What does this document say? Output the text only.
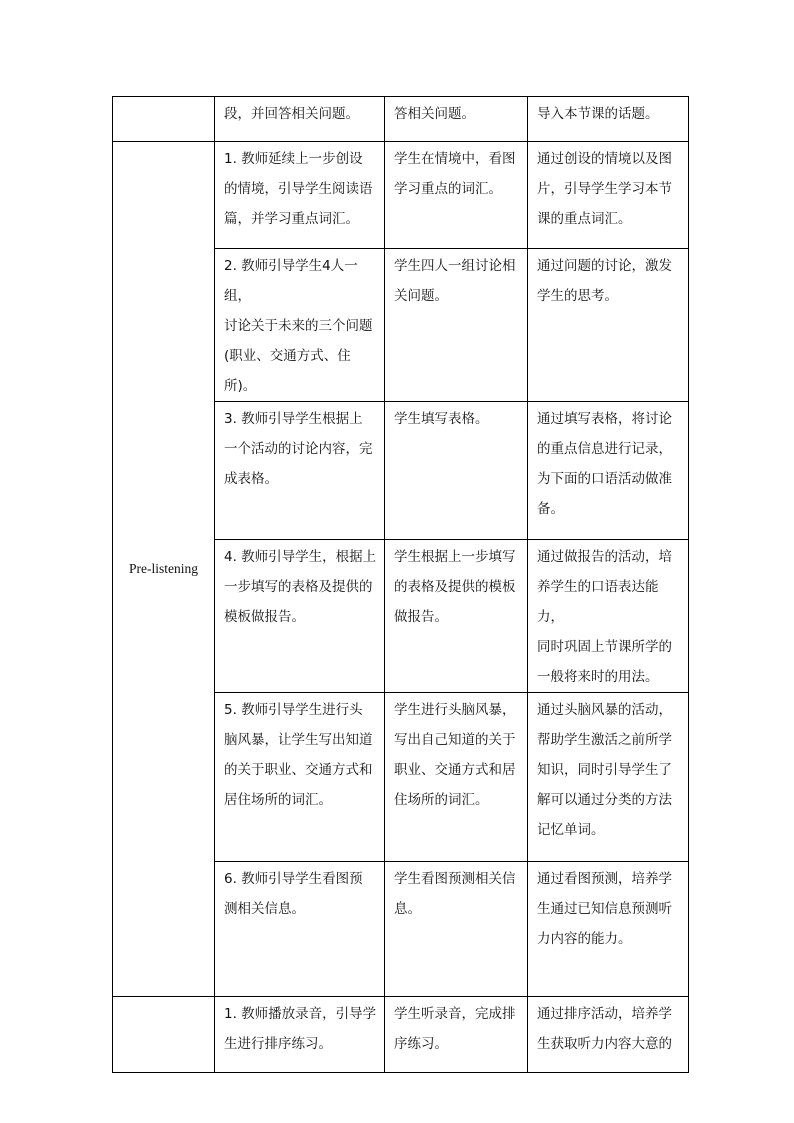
	段，并回答相关问题。	答相关问题。	导入本节课的话题。

Pre-listening	1. 教师延续上一步创设
的情境，引导学生阅读语
篇，并学习重点词汇。	学生在情境中，看图
学习重点的词汇。	通过创设的情境以及图
片，引导学生学习本节
课的重点词汇。

	2. 教师引导学生4人一组，
讨论关于未来的三个问题
(职业、交通方式、住所)。	学生四人一组讨论相
关问题。	通过问题的讨论，激发
学生的思考。

	3. 教师引导学生根据上
一个活动的讨论内容，完
成表格。	学生填写表格。	通过填写表格，将讨论
的重点信息进行记录，
为下面的口语活动做准
备。

	4. 教师引导学生，根据上
一步填写的表格及提供的
模板做报告。	学生根据上一步填写
的表格及提供的模板
做报告。	通过做报告的活动，培
养学生的口语表达能力，
同时巩固上节课所学的
一般将来时的用法。

	5. 教师引导学生进行头
脑风暴，让学生写出知道
的关于职业、交通方式和
居住场所的词汇。	学生进行头脑风暴，
写出自己知道的关于
职业、交通方式和居
住场所的词汇。	通过头脑风暴的活动，
帮助学生激活之前所学
知识，同时引导学生了
解可以通过分类的方法
记忆单词。

	6. 教师引导学生看图预
测相关信息。	学生看图预测相关信
息。	通过看图预测，培养学
生通过已知信息预测听
力内容的能力。

	1. 教师播放录音，引导学
生进行排序练习。	学生听录音，完成排
序练习。	通过排序活动，培养学
生获取听力内容大意的
